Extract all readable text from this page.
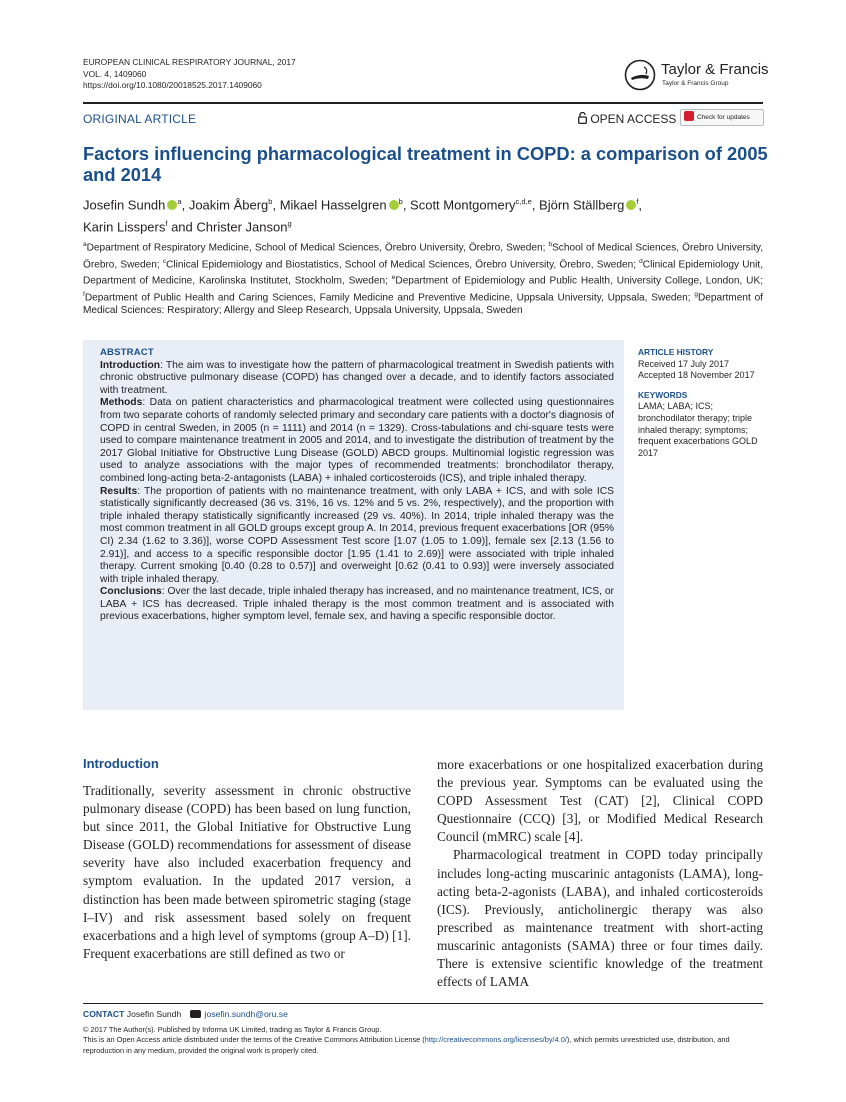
EUROPEAN CLINICAL RESPIRATORY JOURNAL, 2017
VOL. 4, 1409060
https://doi.org/10.1080/20018525.2017.1409060
Taylor & Francis
Taylor & Francis Group
ORIGINAL ARTICLE	OPEN ACCESS	Check for updates
Factors influencing pharmacological treatment in COPD: a comparison of 2005 and 2014
Josefin Sundh $^a$, Joakim Åberg$^b$, Mikael Hasselgren $^b$, Scott Montgomery$^{c,d,e}$, Björn Ställberg $^f$,
Karin Lisspers$^f$ and Christer Janson$^g$
$^a$Department of Respiratory Medicine, School of Medical Sciences, Örebro University, Örebro, Sweden; $^b$School of Medical Sciences, Örebro University, Örebro, Sweden; $^c$Clinical Epidemiology and Biostatistics, School of Medical Sciences, Örebro University, Örebro, Sweden; $^d$Clinical Epidemiology Unit, Department of Medicine, Karolinska Institutet, Stockholm, Sweden; $^e$Department of Epidemiology and Public Health, University College, London, UK; $^f$Department of Public Health and Caring Sciences, Family Medicine and Preventive Medicine, Uppsala University, Uppsala, Sweden; $^g$Department of Medical Sciences: Respiratory; Allergy and Sleep Research, Uppsala University, Uppsala, Sweden
ABSTRACT

Introduction: The aim was to investigate how the pattern of pharmacological treatment in Swedish patients with chronic obstructive pulmonary disease (COPD) has changed over a decade, and to identify factors associated with treatment.

Methods: Data on patient characteristics and pharmacological treatment were collected using questionnaires from two separate cohorts of randomly selected primary and secondary care patients with a doctor's diagnosis of COPD in central Sweden, in 2005 (n = 1111) and 2014 (n = 1329). Cross-tabulations and chi-square tests were used to compare maintenance treatment in 2005 and 2014, and to investigate the distribution of treatment by the 2017 Global Initiative for Obstructive Lung Disease (GOLD) ABCD groups. Multinomial logistic regression was used to analyze associations with the major types of recommended treatments: bronchodilator therapy, combined long-acting beta-2-antagonists (LABA) + inhaled corticosteroids (ICS), and triple inhaled therapy.

Results: The proportion of patients with no maintenance treatment, with only LABA + ICS, and with sole ICS statistically significantly decreased (36 vs. 31%, 16 vs. 12% and 5 vs. 2%, respectively), and the proportion with triple inhaled therapy statistically significantly increased (29 vs. 40%). In 2014, triple inhaled therapy was the most common treatment in all GOLD groups except group A. In 2014, previous frequent exacerbations [OR (95% CI) 2.34 (1.62 to 3.36)], worse COPD Assessment Test score [1.07 (1.05 to 1.09)], female sex [2.13 (1.56 to 2.91)], and access to a specific responsible doctor [1.95 (1.41 to 2.69)] were associated with triple inhaled therapy. Current smoking [0.40 (0.28 to 0.57)] and overweight [0.62 (0.41 to 0.93)] were inversely associated with triple inhaled therapy.

Conclusions: Over the last decade, triple inhaled therapy has increased, and no maintenance treatment, ICS, or LABA + ICS has decreased. Triple inhaled therapy is the most common treatment and is associated with previous exacerbations, higher symptom level, female sex, and having a specific responsible doctor.

ARTICLE HISTORY

Received 17 July 2017

Accepted 18 November 2017

KEYWORDS

LAMA; LABA; ICS; bronchodilator therapy; triple inhaled therapy; symptoms; frequent exacerbations GOLD 2017

Introduction

Traditionally, severity assessment in chronic obstructive pulmonary disease (COPD) has been based on lung function, but since 2011, the Global Initiative for Obstructive Lung Disease (GOLD) recommendations for assessment of disease severity have also included exacerbation frequency and symptom evaluation. In the updated 2017 version, a distinction has been made between spirometric staging (stage I–IV) and risk assessment based solely on frequent exacerbations and a high level of symptoms (group A–D) [1]. Frequent exacerbations are still defined as two or

more exacerbations or one hospitalized exacerbation during the previous year. Symptoms can be evaluated using the COPD Assessment Test (CAT) [2], Clinical COPD Questionnaire (CCQ) [3], or Modified Medical Research Council (mMRC) scale [4].

Pharmacological treatment in COPD today principally includes long-acting muscarinic antagonists (LAMA), long-acting beta-2-agonists (LABA), and inhaled corticosteroids (ICS). Previously, anticholinergic therapy was also prescribed as maintenance treatment with short-acting muscarinic antagonists (SAMA) three or four times daily. There is extensive scientific knowledge of the treatment effects of LAMA

CONTACT Josefin Sundh	josefin.sundh@oru.se
© 2017 The Author(s). Published by Informa UK Limited, trading as Taylor & Francis Group.
This is an Open Access article distributed under the terms of the Creative Commons Attribution License (http://creativecommons.org/licenses/by/4.0/), which permits unrestricted use, distribution, and reproduction in any medium, provided the original work is properly cited.
